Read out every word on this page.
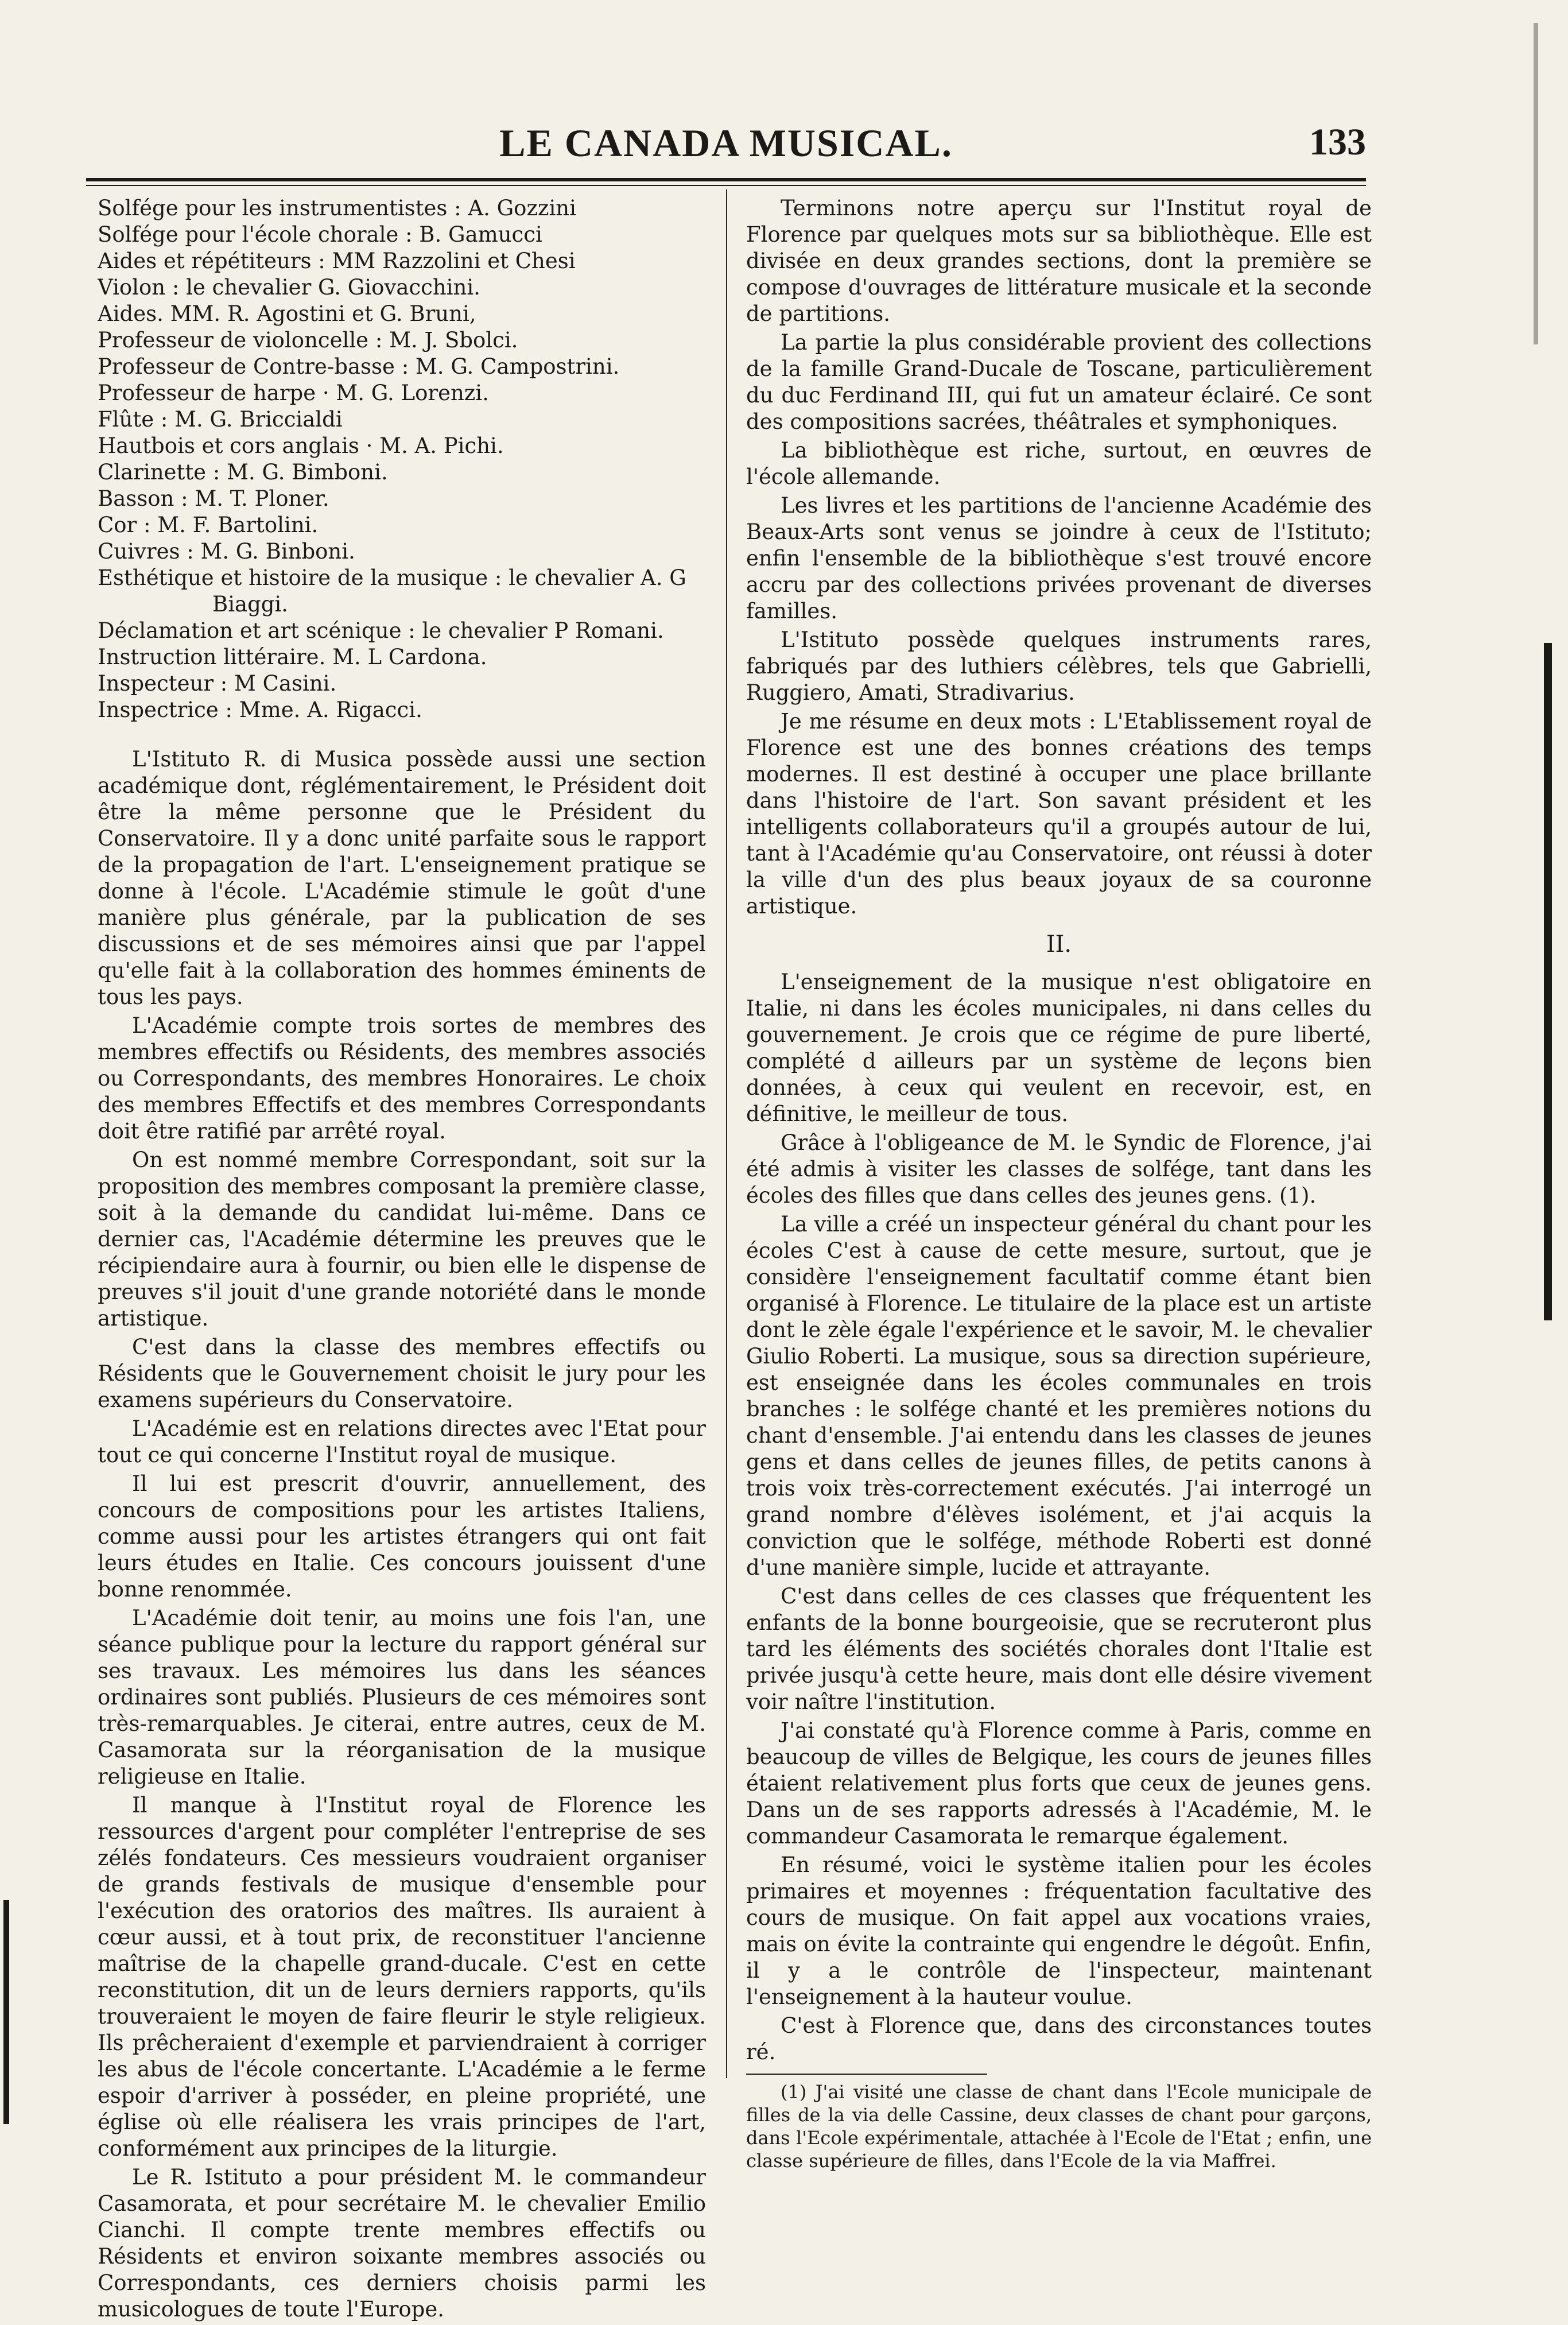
LE CANADA MUSICAL.	133
Solfége pour les instrumentistes : A. Gozzini
Solfége pour l'école chorale : B. Gamucci
Aides et répétiteurs : MM Razzolini et Chesi
Violon : le chevalier G. Giovacchini.
Aides. MM. R. Agostini et G. Bruni,
Professeur de violoncelle : M. J. Sbolci.
Professeur de Contre-basse : M. G. Campostrini.
Professeur de harpe · M. G. Lorenzi.
Flûte : M. G. Briccialdi
Hautbois et cors anglais · M. A. Pichi.
Clarinette : M. G. Bimboni.
Basson : M. T. Ploner.
Cor : M. F. Bartolini.
Cuivres : M. G. Binboni.
Esthétique et histoire de la musique : le chevalier A. G
Biaggi.
Déclamation et art scénique : le chevalier P Romani.
Instruction littéraire. M. L Cardona.
Inspecteur : M Casini.
Inspectrice : Mme. A. Rigacci.

L'Istituto R. di Musica possède aussi une section académique dont, réglémentairement, le Président doit être la même personne que le Président du Conservatoire. Il y a donc unité parfaite sous le rapport de la propagation de l'art. L'enseignement pratique se donne à l'école. L'Académie stimule le goût d'une manière plus générale, par la publication de ses discussions et de ses mémoires ainsi que par l'appel qu'elle fait à la collaboration des hommes éminents de tous les pays.

L'Académie compte trois sortes de membres des membres effectifs ou Résidents, des membres associés ou Correspondants, des membres Honoraires. Le choix des membres Effectifs et des membres Correspondants doit être ratifié par arrêté royal.

On est nommé membre Correspondant, soit sur la proposition des membres composant la première classe, soit à la demande du candidat lui-même. Dans ce dernier cas, l'Académie détermine les preuves que le récipiendaire aura à fournir, ou bien elle le dispense de preuves s'il jouit d'une grande notoriété dans le monde artistique.

C'est dans la classe des membres effectifs ou Résidents que le Gouvernement choisit le jury pour les examens supérieurs du Conservatoire.

L'Académie est en relations directes avec l'Etat pour tout ce qui concerne l'Institut royal de musique.

Il lui est prescrit d'ouvrir, annuellement, des concours de compositions pour les artistes Italiens, comme aussi pour les artistes étrangers qui ont fait leurs études en Italie. Ces concours jouissent d'une bonne renommée.

L'Académie doit tenir, au moins une fois l'an, une séance publique pour la lecture du rapport général sur ses travaux. Les mémoires lus dans les séances ordinaires sont publiés. Plusieurs de ces mémoires sont très-remarquables. Je citerai, entre autres, ceux de M. Casamorata sur la réorganisation de la musique religieuse en Italie.

Il manque à l'Institut royal de Florence les ressources d'argent pour compléter l'entreprise de ses zélés fondateurs. Ces messieurs voudraient organiser de grands festivals de musique d'ensemble pour l'exécution des oratorios des maîtres. Ils auraient à cœur aussi, et à tout prix, de reconstituer l'ancienne maîtrise de la chapelle grand-ducale. C'est en cette reconstitution, dit un de leurs derniers rapports, qu'ils trouveraient le moyen de faire fleurir le style religieux. Ils prêcheraient d'exemple et parviendraient à corriger les abus de l'école concertante. L'Académie a le ferme espoir d'arriver à posséder, en pleine propriété, une église où elle réalisera les vrais principes de l'art, conformément aux principes de la liturgie.

Le R. Istituto a pour président M. le commandeur Casamorata, et pour secrétaire M. le chevalier Emilio Cianchi. Il compte trente membres effectifs ou Résidents et environ soixante membres associés ou Correspondants, ces derniers choisis parmi les musicologues de toute l'Europe.

Terminons notre aperçu sur l'Institut royal de Florence par quelques mots sur sa bibliothèque. Elle est divisée en deux grandes sections, dont la première se compose d'ouvrages de littérature musicale et la seconde de partitions.

La partie la plus considérable provient des collections de la famille Grand-Ducale de Toscane, particulièrement du duc Ferdinand III, qui fut un amateur éclairé. Ce sont des compositions sacrées, théâtrales et symphoniques.

La bibliothèque est riche, surtout, en œuvres de l'école allemande.

Les livres et les partitions de l'ancienne Académie des Beaux-Arts sont venus se joindre à ceux de l'Istituto; enfin l'ensemble de la bibliothèque s'est trouvé encore accru par des collections privées provenant de diverses familles.

L'Istituto possède quelques instruments rares, fabriqués par des luthiers célèbres, tels que Gabrielli, Ruggiero, Amati, Stradivarius.

Je me résume en deux mots : L'Etablissement royal de Florence est une des bonnes créations des temps modernes. Il est destiné à occuper une place brillante dans l'histoire de l'art. Son savant président et les intelligents collaborateurs qu'il a groupés autour de lui, tant à l'Académie qu'au Conservatoire, ont réussi à doter la ville d'un des plus beaux joyaux de sa couronne artistique.

II.

L'enseignement de la musique n'est obligatoire en Italie, ni dans les écoles municipales, ni dans celles du gouvernement. Je crois que ce régime de pure liberté, complété d ailleurs par un système de leçons bien données, à ceux qui veulent en recevoir, est, en définitive, le meilleur de tous.

Grâce à l'obligeance de M. le Syndic de Florence, j'ai été admis à visiter les classes de solfége, tant dans les écoles des filles que dans celles des jeunes gens. (1).

La ville a créé un inspecteur général du chant pour les écoles C'est à cause de cette mesure, surtout, que je considère l'enseignement facultatif comme étant bien organisé à Florence. Le titulaire de la place est un artiste dont le zèle égale l'expérience et le savoir, M. le chevalier Giulio Roberti. La musique, sous sa direction supérieure, est enseignée dans les écoles communales en trois branches : le solfége chanté et les premières notions du chant d'ensemble. J'ai entendu dans les classes de jeunes gens et dans celles de jeunes filles, de petits canons à trois voix très-correctement exécutés. J'ai interrogé un grand nombre d'élèves isolément, et j'ai acquis la conviction que le solfége, méthode Roberti est donné d'une manière simple, lucide et attrayante.

C'est dans celles de ces classes que fréquentent les enfants de la bonne bourgeoisie, que se recruteront plus tard les éléments des sociétés chorales dont l'Italie est privée jusqu'à cette heure, mais dont elle désire vivement voir naître l'institution.

J'ai constaté qu'à Florence comme à Paris, comme en beaucoup de villes de Belgique, les cours de jeunes filles étaient relativement plus forts que ceux de jeunes gens. Dans un de ses rapports adressés à l'Académie, M. le commandeur Casamorata le remarque également.

En résumé, voici le système italien pour les écoles primaires et moyennes : fréquentation facultative des cours de musique. On fait appel aux vocations vraies, mais on évite la contrainte qui engendre le dégoût. Enfin, il y a le contrôle de l'inspecteur, maintenant l'enseignement à la hauteur voulue.

C'est à Florence que, dans des circonstances toutes ré.

(1) J'ai visité une classe de chant dans l'Ecole municipale de filles de la via delle Cassine, deux classes de chant pour garçons, dans l'Ecole expérimentale, attachée à l'Ecole de l'Etat ; enfin, une classe supérieure de filles, dans l'Ecole de la via Maffrei.
